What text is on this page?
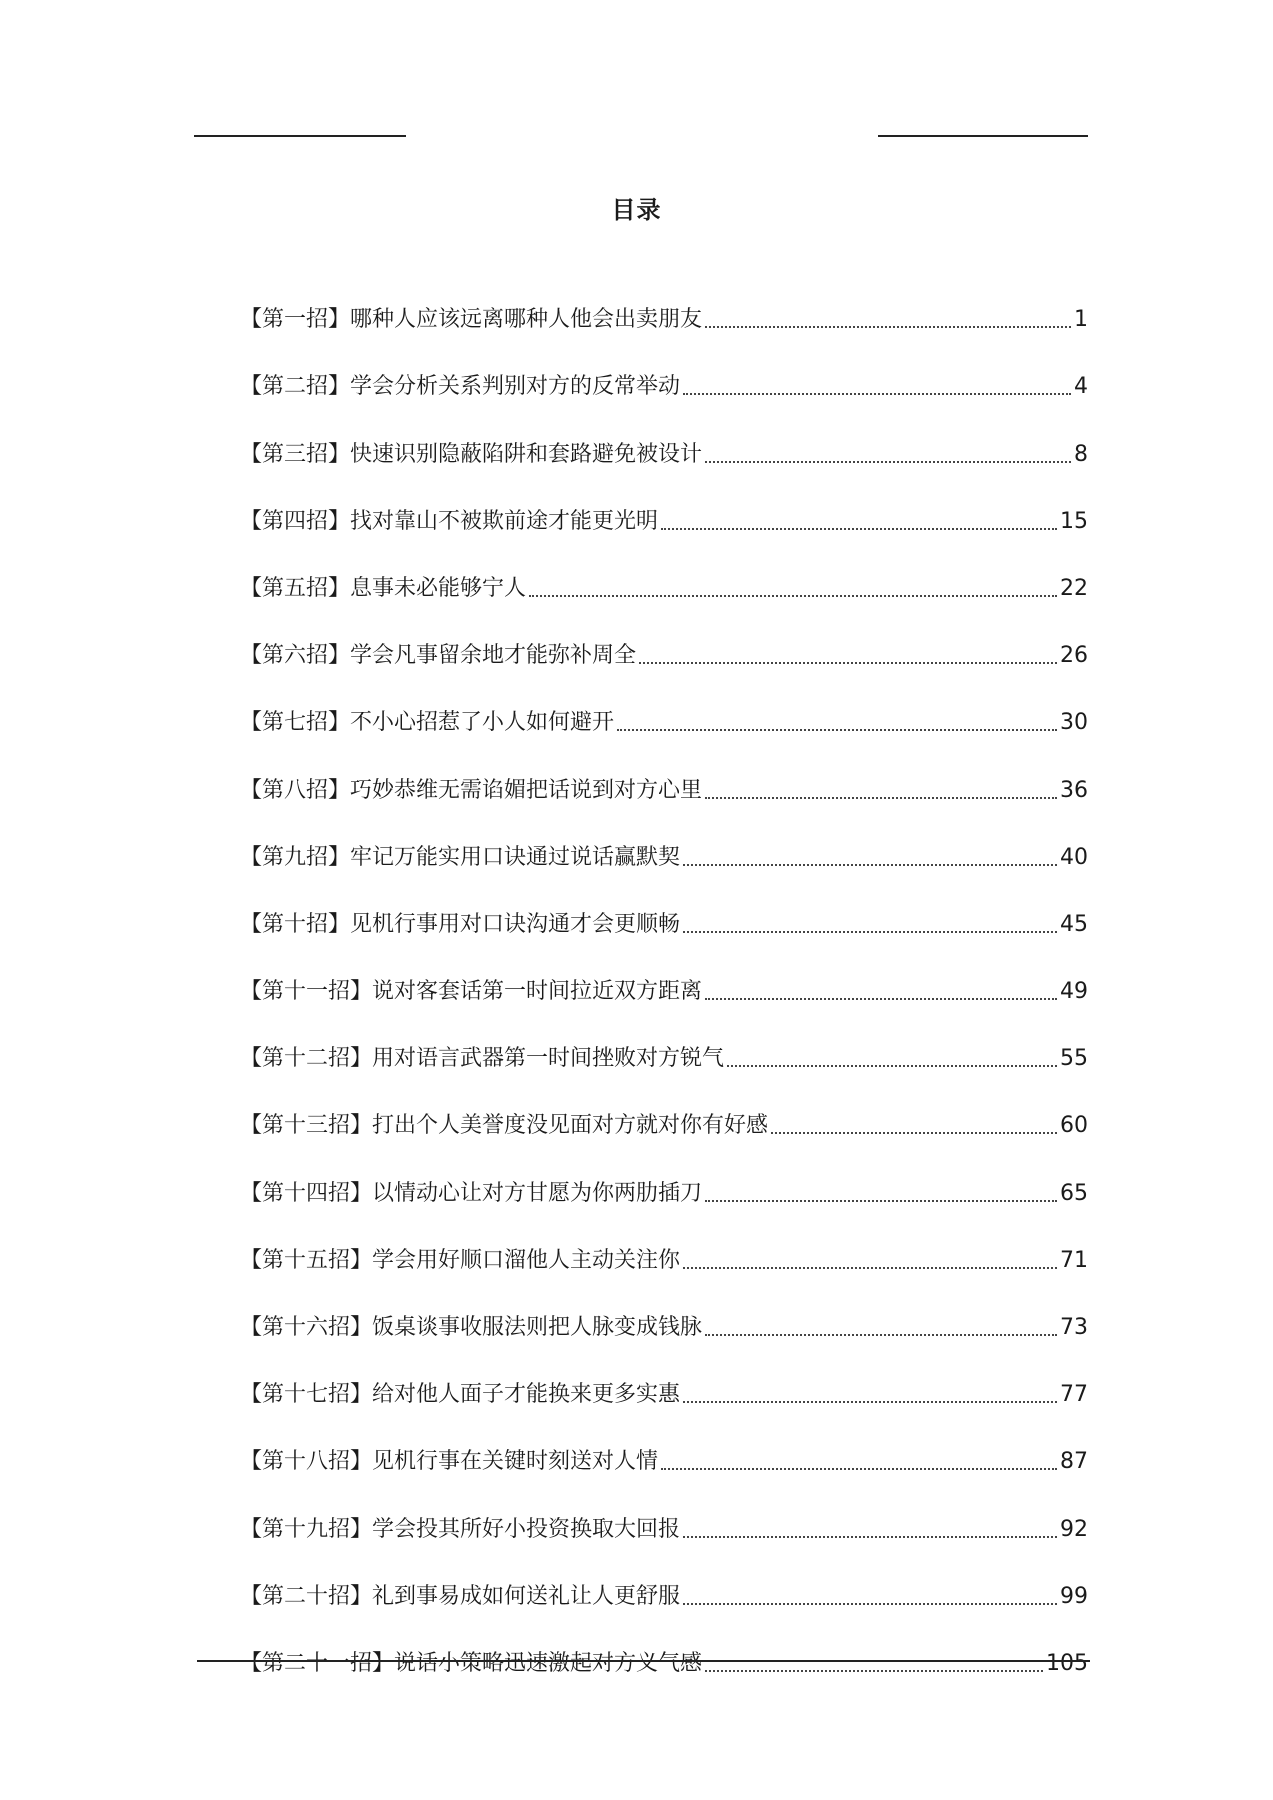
目录
【第一招】哪种人应该远离哪种人他会出卖朋友	1
【第二招】学会分析关系判别对方的反常举动	4
【第三招】快速识别隐蔽陷阱和套路避免被设计	8
【第四招】找对靠山不被欺前途才能更光明	15
【第五招】息事未必能够宁人	22
【第六招】学会凡事留余地才能弥补周全	26
【第七招】不小心招惹了小人如何避开	30
【第八招】巧妙恭维无需谄媚把话说到对方心里	36
【第九招】牢记万能实用口诀通过说话赢默契	40
【第十招】见机行事用对口诀沟通才会更顺畅	45
【第十一招】说对客套话第一时间拉近双方距离	49
【第十二招】用对语言武器第一时间挫败对方锐气	55
【第十三招】打出个人美誉度没见面对方就对你有好感	60
【第十四招】以情动心让对方甘愿为你两肋插刀	65
【第十五招】学会用好顺口溜他人主动关注你	71
【第十六招】饭桌谈事收服法则把人脉变成钱脉	73
【第十七招】给对他人面子才能换来更多实惠	77
【第十八招】见机行事在关键时刻送对人情	87
【第十九招】学会投其所好小投资换取大回报	92
【第二十招】礼到事易成如何送礼让人更舒服	99
【第二十一招】说话小策略迅速激起对方义气感	105
